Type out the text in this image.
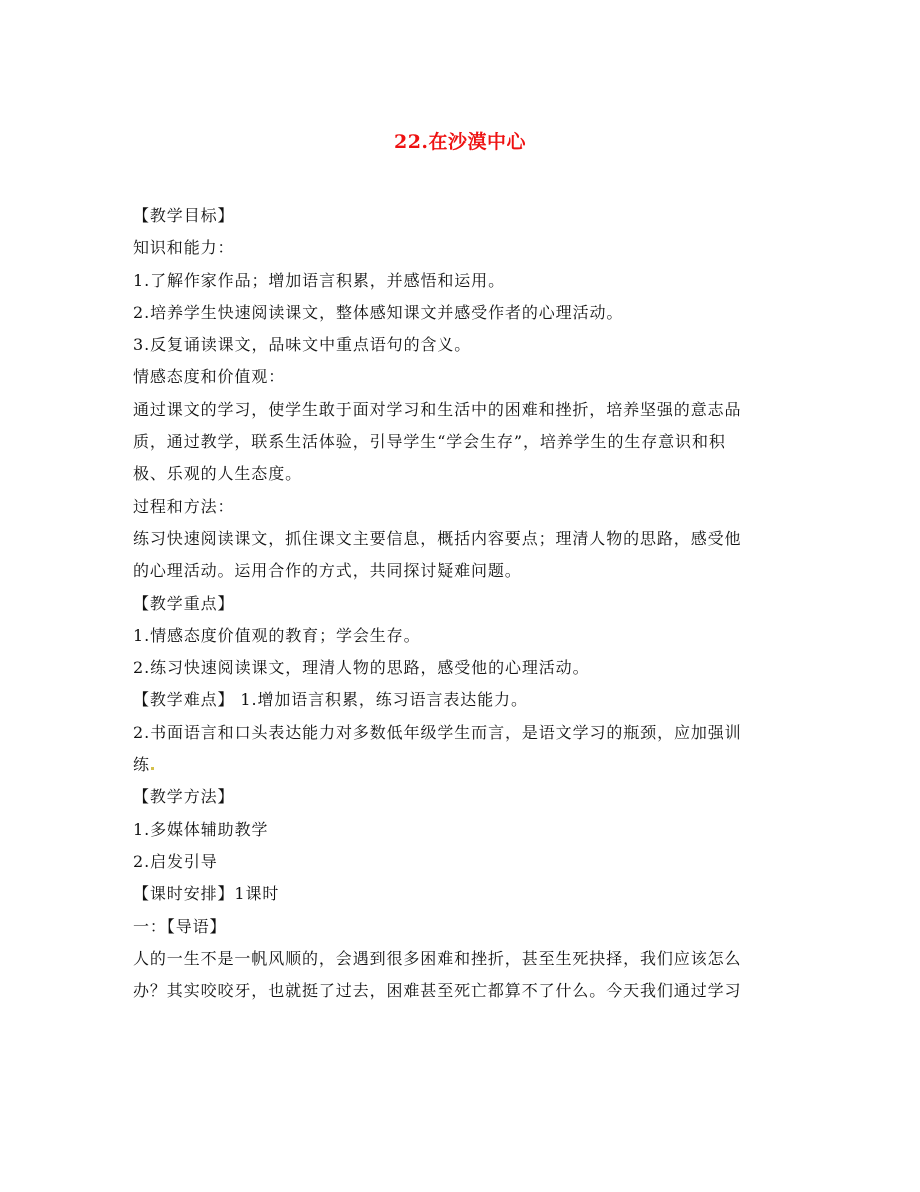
22.在沙漠中心
【教学目标】
知识和能力：
1.了解作家作品；增加语言积累，并感悟和运用。
2.培养学生快速阅读课文，整体感知课文并感受作者的心理活动。
3.反复诵读课文，品味文中重点语句的含义。
情感态度和价值观：
通过课文的学习，使学生敢于面对学习和生活中的困难和挫折，培养坚强的意志品
质，通过教学，联系生活体验，引导学生“学会生存”，培养学生的生存意识和积
极、乐观的人生态度。
过程和方法：
练习快速阅读课文，抓住课文主要信息，概括内容要点；理清人物的思路，感受他
的心理活动。运用合作的方式，共同探讨疑难问题。
【教学重点】
1.情感态度价值观的教育；学会生存。
2.练习快速阅读课文，理清人物的思路，感受他的心理活动。
【教学难点】 1.增加语言积累，练习语言表达能力。
2.书面语言和口头表达能力对多数低年级学生而言，是语文学习的瓶颈，应加强训
练
【教学方法】
1.多媒体辅助教学
2.启发引导
【课时安排】1课时
一：【导语】
人的一生不是一帆风顺的，会遇到很多困难和挫折，甚至生死抉择，我们应该怎么
办？其实咬咬牙，也就挺了过去，困难甚至死亡都算不了什么。今天我们通过学习
